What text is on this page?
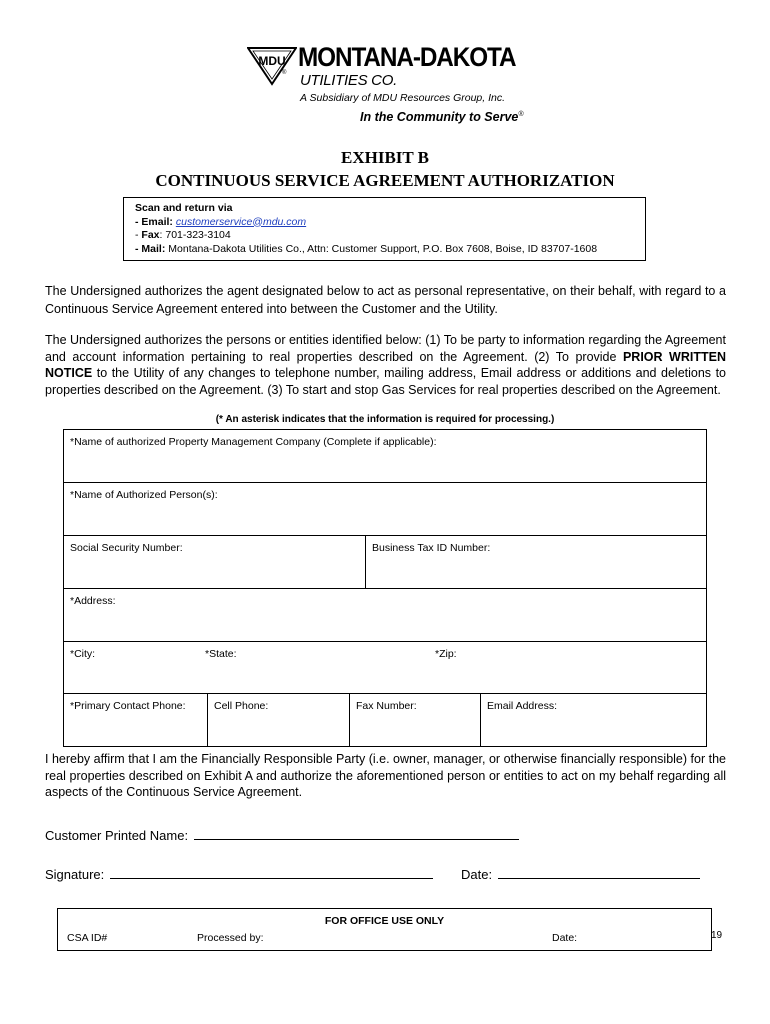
MDU MONTANA-DAKOTA
® UTILITIES CO.
A Subsidiary of MDU Resources Group, Inc.
In the Community to Serve®
EXHIBIT B
CONTINUOUS SERVICE AGREEMENT AUTHORIZATION
Scan and return via
- Email: customerservice@mdu.com
- Fax: 701-323-3104
- Mail: Montana-Dakota Utilities Co., Attn: Customer Support, P.O. Box 7608, Boise, ID 83707-1608
The Undersigned authorizes the agent designated below to act as personal representative, on their behalf, with regard to a Continuous Service Agreement entered into between the Customer and the Utility.
The Undersigned authorizes the persons or entities identified below: (1) To be party to information regarding the Agreement and account information pertaining to real properties described on the Agreement. (2) To provide PRIOR WRITTEN NOTICE to the Utility of any changes to telephone number, mailing address, Email address or additions and deletions to properties described on the Agreement. (3) To start and stop Gas Services for real properties described on the Agreement.
(* An asterisk indicates that the information is required for processing.)
*Name of authorized Property Management Company (Complete if applicable):
*Name of Authorized Person(s):
Social Security Number:	Business Tax ID Number:
*Address:
*City:	*State:	*Zip:
*Primary Contact Phone:	Cell Phone:	Fax Number:	Email Address:
I hereby affirm that I am the Financially Responsible Party (i.e. owner, manager, or otherwise financially responsible) for the real properties described on Exhibit A and authorize the aforementioned person or entities to act on my behalf regarding all aspects of the Continuous Service Agreement.
Customer Printed Name:
Signature:	Date:
FOR OFFICE USE ONLY
CSA ID#	Processed by:	Date:	19
